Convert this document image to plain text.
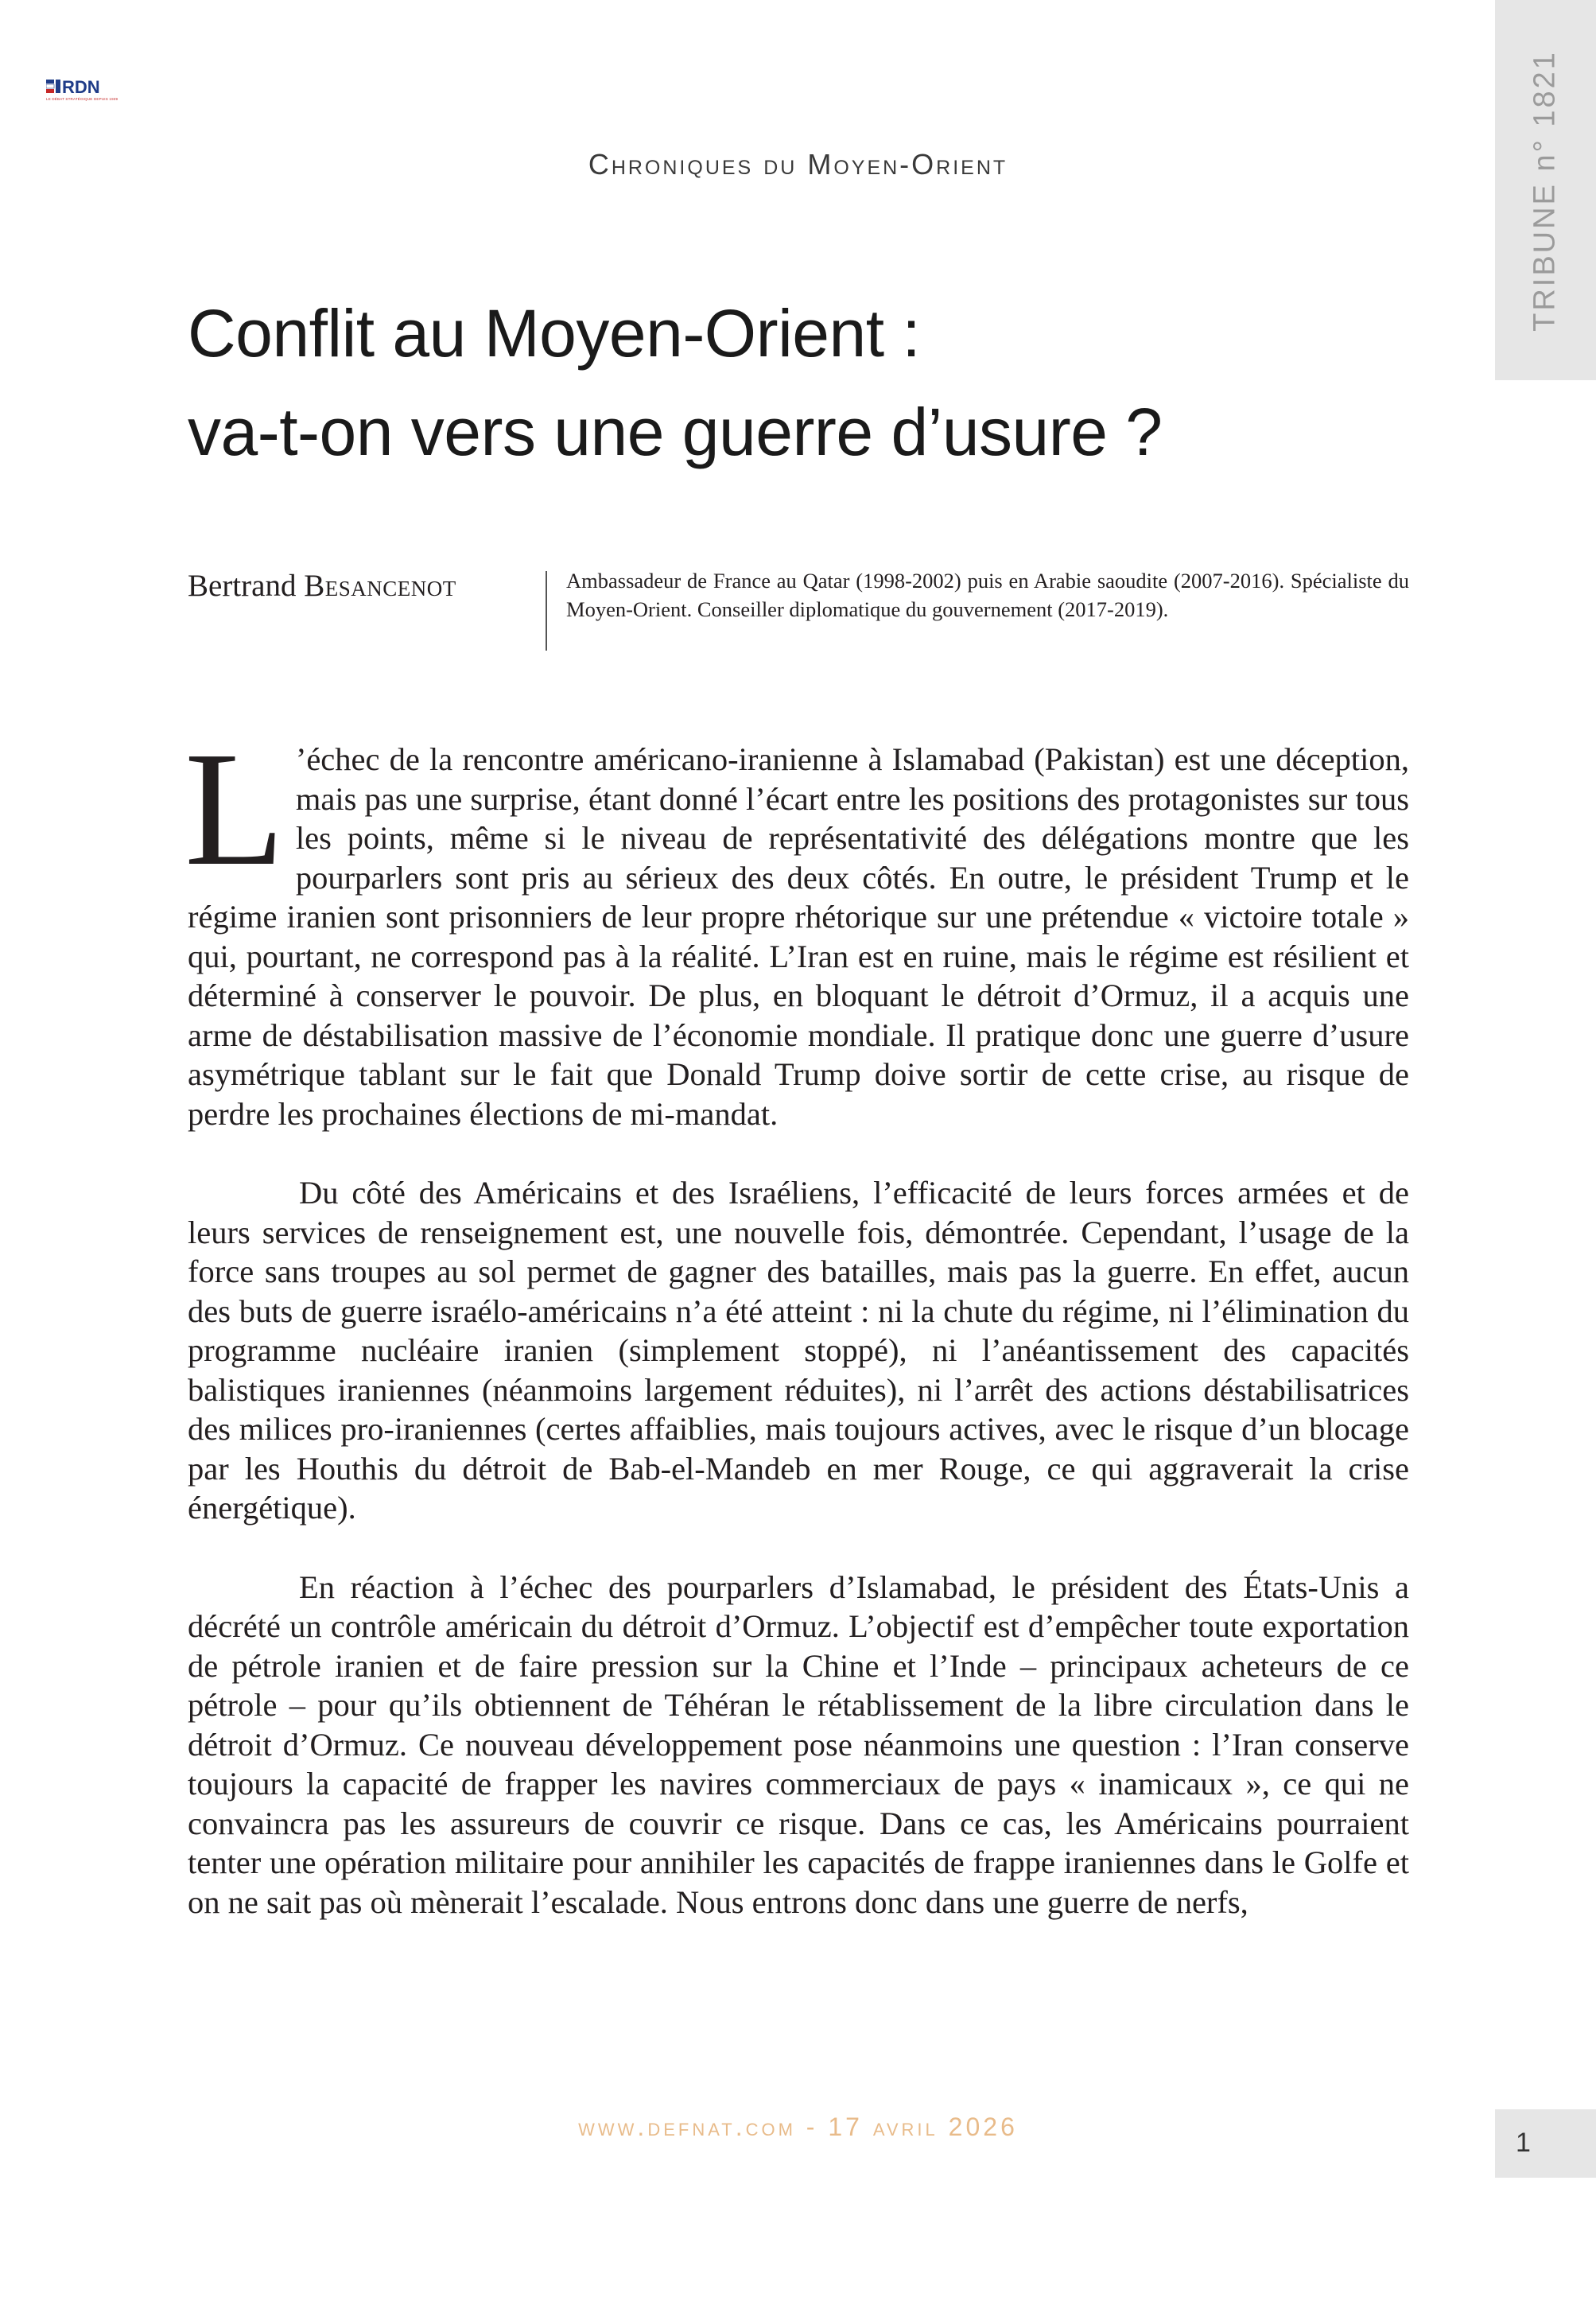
RDN
LE DÉBAT STRATÉGIQUE DEPUIS 1939	TRIBUNE n° 1821
Chroniques du Moyen-Orient
Conflit au Moyen-Orient :
va-t-on vers une guerre d’usure ?
Bertrand Besancenot	Ambassadeur de France au Qatar (1998-2002) puis en Arabie saoudite (2007-2016). Spécialiste du Moyen-Orient. Conseiller diplomatique du gouvernement (2017-2019).

L ’échec de la rencontre américano-iranienne à Islamabad (Pakistan) est une déception, mais pas une surprise, étant donné l’écart entre les positions des protagonistes sur tous les points, même si le niveau de représentativité des délégations montre que les pourparlers sont pris au sérieux des deux côtés. En outre, le président Trump et le régime iranien sont prisonniers de leur propre rhétorique sur une prétendue « victoire totale » qui, pourtant, ne correspond pas à la réalité. L’Iran est en ruine, mais le régime est résilient et déterminé à conserver le pouvoir. De plus, en bloquant le détroit d’Ormuz, il a acquis une arme de déstabilisation massive de l’économie mondiale. Il pratique donc une guerre d’usure asymétrique tablant sur le fait que Donald Trump doive sortir de cette crise, au risque de perdre les prochaines élections de mi-mandat.

Du côté des Américains et des Israéliens, l’efficacité de leurs forces armées et de leurs services de renseignement est, une nouvelle fois, démontrée. Cependant, l’usage de la force sans troupes au sol permet de gagner des batailles, mais pas la guerre. En effet, aucun des buts de guerre israélo-américains n’a été atteint : ni la chute du régime, ni l’élimination du programme nucléaire iranien (simplement stoppé), ni l’anéantissement des capacités balistiques iraniennes (néanmoins largement réduites), ni l’arrêt des actions déstabilisatrices des milices pro-iraniennes (certes affaiblies, mais toujours actives, avec le risque d’un blocage par les Houthis du détroit de Bab-el-Mandeb en mer Rouge, ce qui aggraverait la crise énergétique).

En réaction à l’échec des pourparlers d’Islamabad, le président des États-Unis a décrété un contrôle américain du détroit d’Ormuz. L’objectif est d’empêcher toute exportation de pétrole iranien et de faire pression sur la Chine et l’Inde – principaux acheteurs de ce pétrole – pour qu’ils obtiennent de Téhéran le rétablissement de la libre circulation dans le détroit d’Ormuz. Ce nouveau développement pose néanmoins une question : l’Iran conserve toujours la capacité de frapper les navires commerciaux de pays « inamicaux », ce qui ne convaincra pas les assureurs de couvrir ce risque. Dans ce cas, les Américains pourraient tenter une opération militaire pour annihiler les capacités de frappe iraniennes dans le Golfe et on ne sait pas où mènerait l’escalade. Nous entrons donc dans une guerre de nerfs,

www.defnat.com - 17 avril 2026
1
